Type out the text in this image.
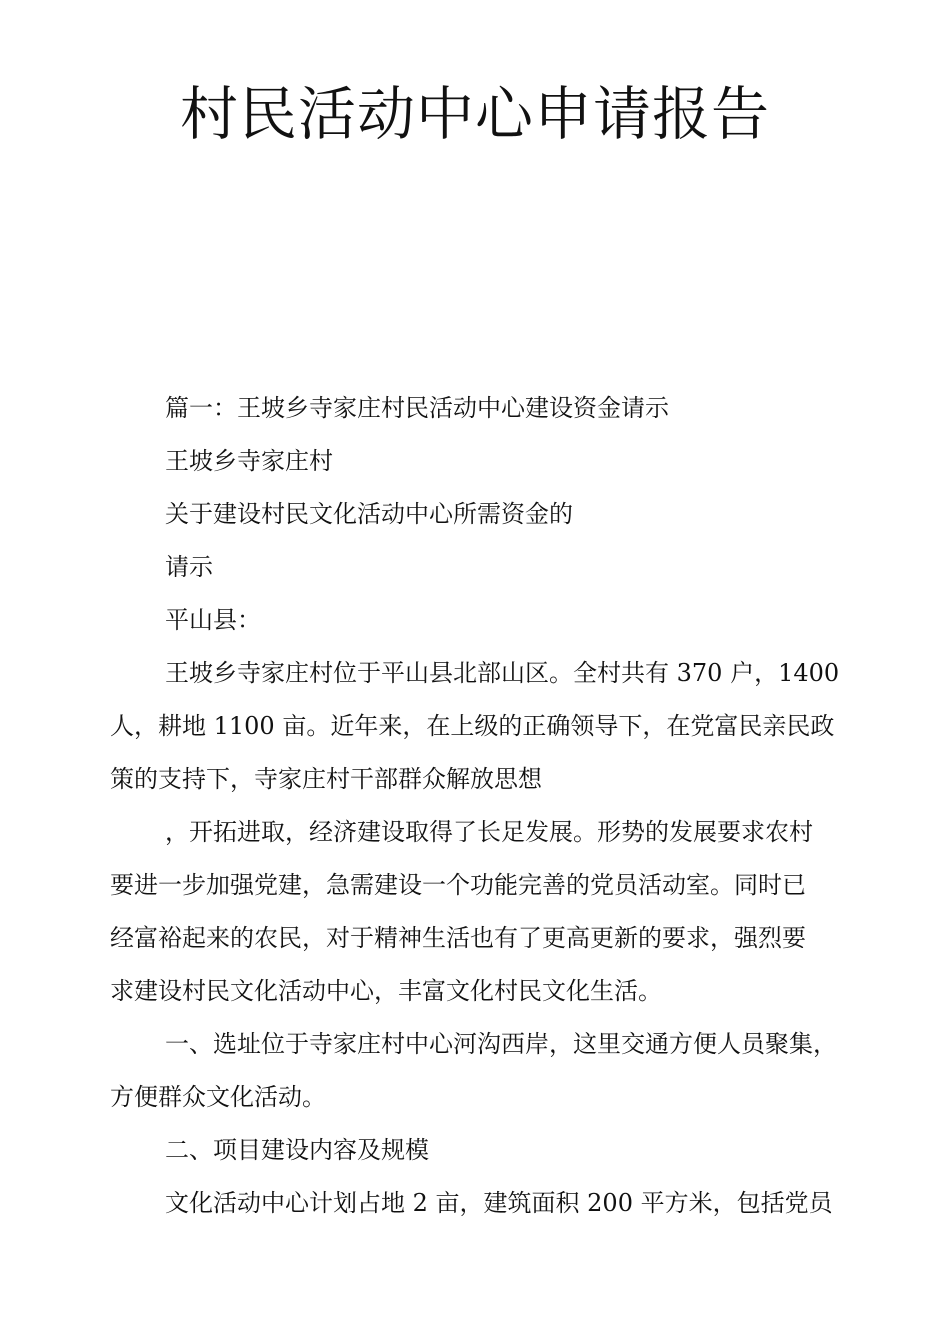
村民活动中心申请报告
篇一：王坡乡寺家庄村民活动中心建设资金请示
王坡乡寺家庄村
关于建设村民文化活动中心所需资金的
请示
平山县：
王坡乡寺家庄村位于平山县北部山区。全村共有 370 户，1400
人，耕地 1100 亩。近年来，在上级的正确领导下，在党富民亲民政
策的支持下，寺家庄村干部群众解放思想
，开拓进取，经济建设取得了长足发展。形势的发展要求农村
要进一步加强党建，急需建设一个功能完善的党员活动室。同时已
经富裕起来的农民，对于精神生活也有了更高更新的要求，强烈要
求建设村民文化活动中心，丰富文化村民文化生活。
一、选址位于寺家庄村中心河沟西岸，这里交通方便人员聚集，
方便群众文化活动。
二、项目建设内容及规模
文化活动中心计划占地 2 亩，建筑面积 200 平方米，包括党员
